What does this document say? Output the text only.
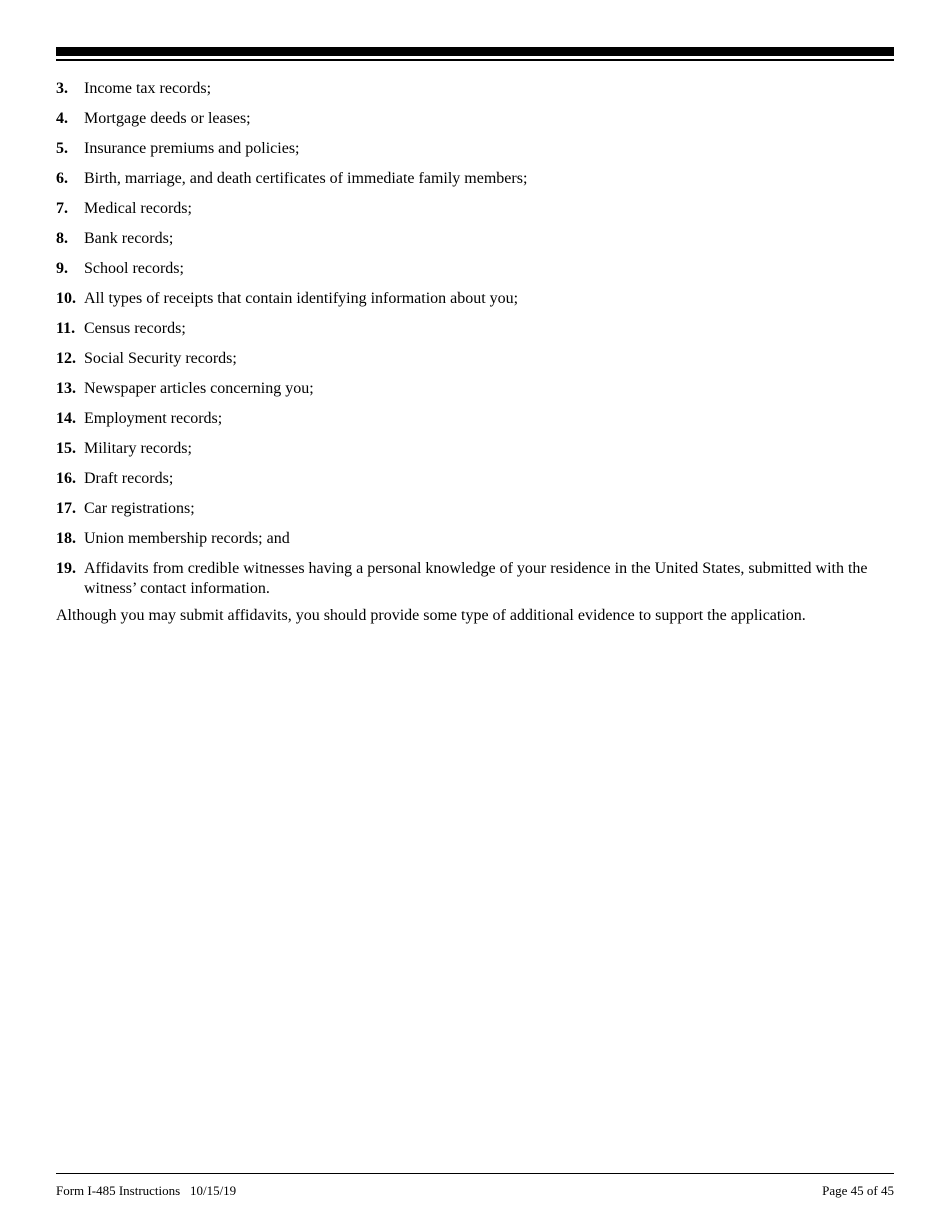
3.	Income tax records;
4.	Mortgage deeds or leases;
5.	Insurance premiums and policies;
6.	Birth, marriage, and death certificates of immediate family members;
7.	Medical records;
8.	Bank records;
9.	School records;
10. All types of receipts that contain identifying information about you;
11. Census records;
12. Social Security records;
13. Newspaper articles concerning you;
14. Employment records;
15. Military records;
16. Draft records;
17. Car registrations;
18. Union membership records; and
19. Affidavits from credible witnesses having a personal knowledge of your residence in the United States, submitted with the witness’ contact information.

Although you may submit affidavits, you should provide some type of additional evidence to support the application.

Form I-485 Instructions   10/15/19	Page 45 of 45
